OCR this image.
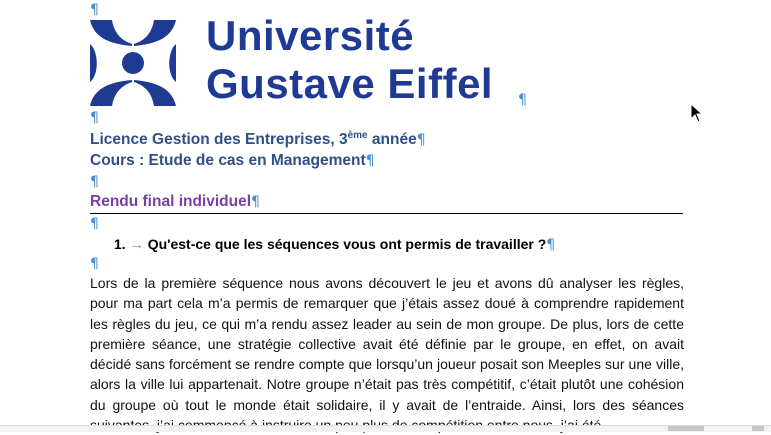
¶
¶
¶
¶
¶
Université
Gustave Eiffel ¶
Licence Gestion des Entreprises, 3ème année¶
Cours : Etude de cas en Management¶
Rendu final individuel¶
1. → Qu'est-ce que les séquences vous ont permis de travailler ?¶
Lors de la première séquence nous avons découvert le jeu et avons dû analyser les règles, pour ma part cela m’a permis de remarquer que j’étais assez doué à comprendre rapidement les règles du jeu, ce qui m’a rendu assez leader au sein de mon groupe. De plus, lors de cette première séance, une stratégie collective avait été définie par le groupe, en effet, on avait décidé sans forcément se rendre compte que lorsqu’un joueur posait son Meeples sur une ville, alors la ville lui appartenait. Notre groupe n’était pas très compétitif, c’était plutôt une cohésion du groupe où tout le monde était solidaire, il y avait de l’entraide. Ainsi, lors des séances
